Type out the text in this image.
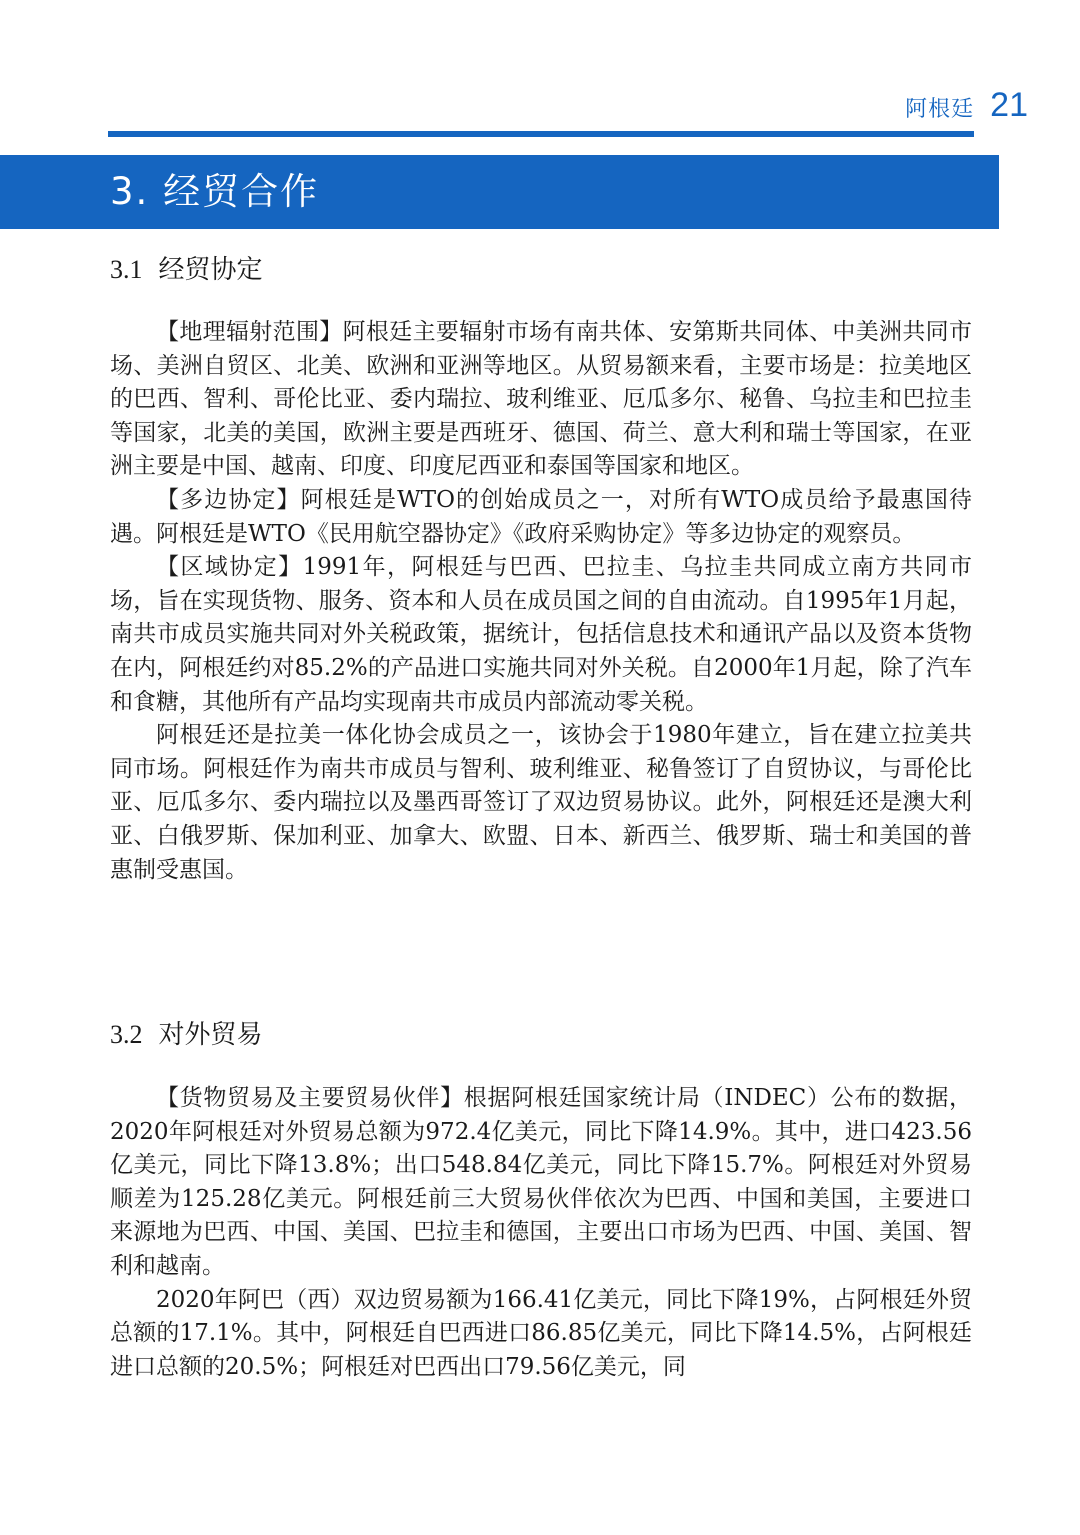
阿根廷 21
3. 经贸合作
3.1 经贸协定

【地理辐射范围】阿根廷主要辐射市场有南共体、安第斯共同体、中美洲共同市场、美洲自贸区、北美、欧洲和亚洲等地区。从贸易额来看，主要市场是：拉美地区的巴西、智利、哥伦比亚、委内瑞拉、玻利维亚、厄瓜多尔、秘鲁、乌拉圭和巴拉圭等国家，北美的美国，欧洲主要是西班牙、德国、荷兰、意大利和瑞士等国家，在亚洲主要是中国、越南、印度、印度尼西亚和泰国等国家和地区。

【多边协定】阿根廷是WTO的创始成员之一，对所有WTO成员给予最惠国待遇。阿根廷是WTO《民用航空器协定》《政府采购协定》等多边协定的观察员。

【区域协定】1991年，阿根廷与巴西、巴拉圭、乌拉圭共同成立南方共同市场，旨在实现货物、服务、资本和人员在成员国之间的自由流动。自1995年1月起，南共市成员实施共同对外关税政策，据统计，包括信息技术和通讯产品以及资本货物在内，阿根廷约对85.2%的产品进口实施共同对外关税。自2000年1月起，除了汽车和食糖，其他所有产品均实现南共市成员内部流动零关税。

阿根廷还是拉美一体化协会成员之一，该协会于1980年建立，旨在建立拉美共同市场。阿根廷作为南共市成员与智利、玻利维亚、秘鲁签订了自贸协议，与哥伦比亚、厄瓜多尔、委内瑞拉以及墨西哥签订了双边贸易协议。此外，阿根廷还是澳大利亚、白俄罗斯、保加利亚、加拿大、欧盟、日本、新西兰、俄罗斯、瑞士和美国的普惠制受惠国。

3.2 对外贸易

【货物贸易及主要贸易伙伴】根据阿根廷国家统计局（INDEC）公布的数据，2020年阿根廷对外贸易总额为972.4亿美元，同比下降14.9%。其中，进口423.56亿美元，同比下降13.8%；出口548.84亿美元，同比下降15.7%。阿根廷对外贸易顺差为125.28亿美元。阿根廷前三大贸易伙伴依次为巴西、中国和美国，主要进口来源地为巴西、中国、美国、巴拉圭和德国，主要出口市场为巴西、中国、美国、智利和越南。

2020年阿巴（西）双边贸易额为166.41亿美元，同比下降19%，占阿根廷外贸总额的17.1%。其中，阿根廷自巴西进口86.85亿美元，同比下降14.5%，占阿根廷进口总额的20.5%；阿根廷对巴西出口79.56亿美元，同
